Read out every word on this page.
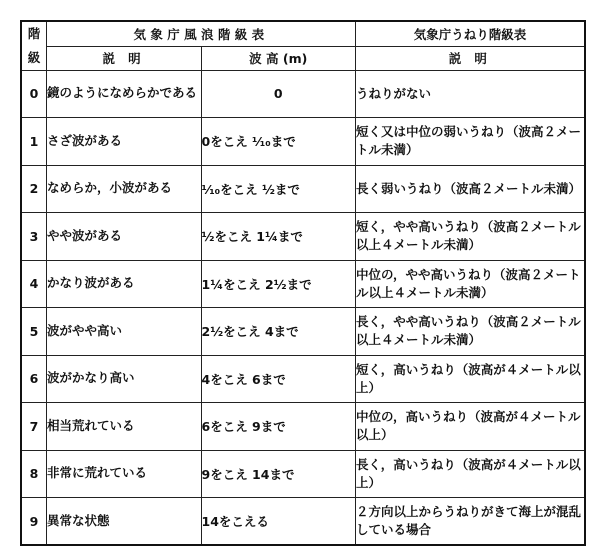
階
級	気象庁風浪階級表		気象庁うねり階級表
	説 明	波 高 (m)	説 明
0	鏡のようになめらかである	0	うねりがない
1	さざ波がある	0をこえ ⅟₁₀まで	短く又は中位の弱いうねり（波高２メートル未満）
2	なめらか，小波がある	⅟₁₀をこえ ½まで	長く弱いうねり（波高２メートル未満）
3	やや波がある	½をこえ 1¼まで	短く，やや高いうねり（波高２メートル以上４メートル未満）
4	かなり波がある	1¼をこえ 2½まで	中位の，やや高いうねり（波高２メートル以上４メートル未満）
5	波がやや高い	2½をこえ 4まで	長く，やや高いうねり（波高２メートル以上４メートル未満）
6	波がかなり高い	4をこえ 6まで	短く，高いうねり（波高が４メートル以上）
7	相当荒れている	6をこえ 9まで	中位の，高いうねり（波高が４メートル以上）
8	非常に荒れている	9をこえ 14まで	長く，高いうねり（波高が４メートル以上）
9	異常な状態	14をこえる	２方向以上からうねりがきて海上が混乱している場合
